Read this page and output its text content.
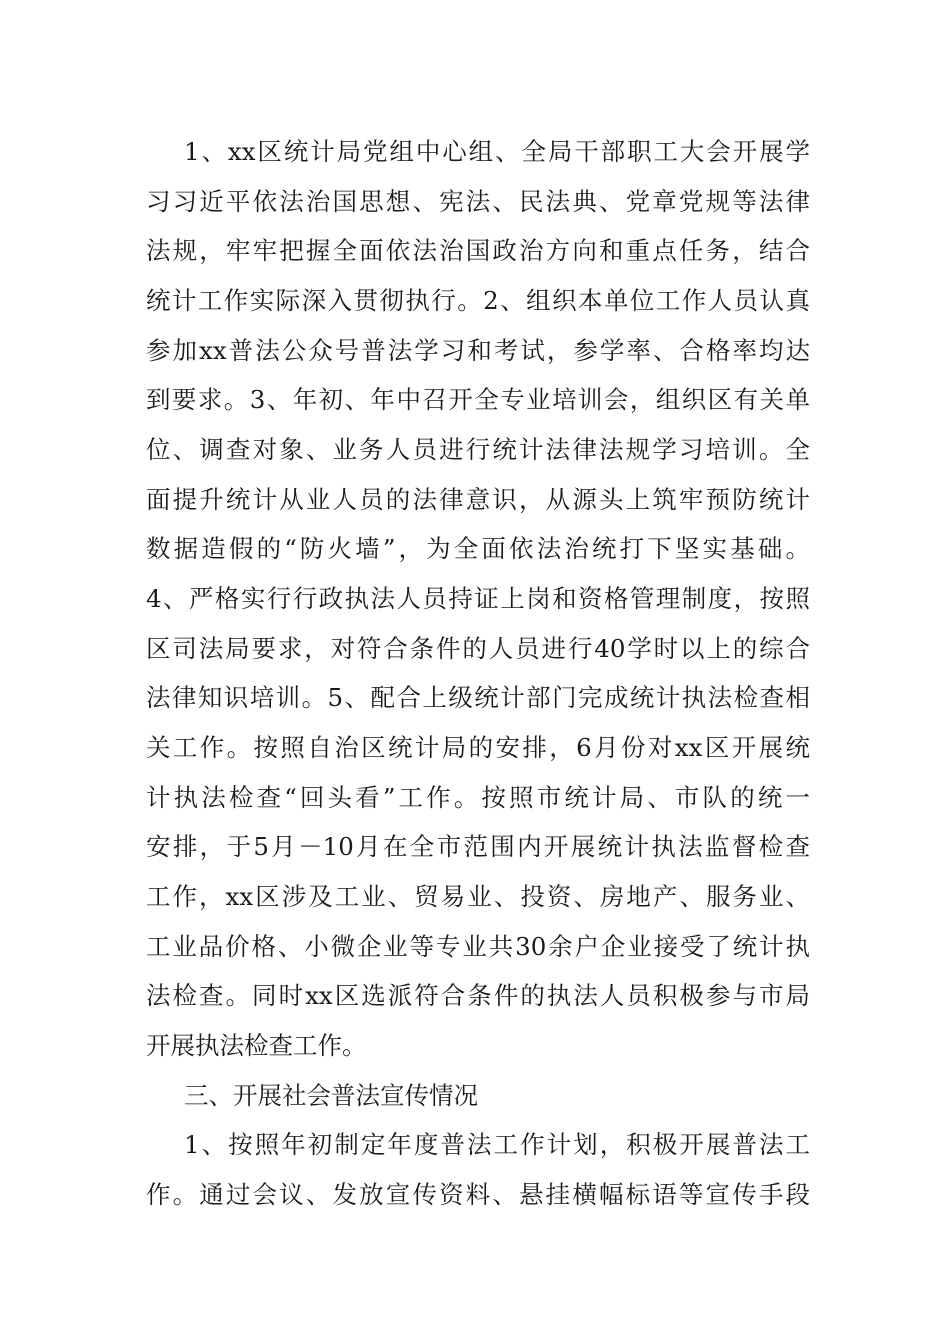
1、xx区统计局党组中心组、全局干部职工大会开展学
习习近平依法治国思想、宪法、民法典、党章党规等法律
法规，牢牢把握全面依法治国政治方向和重点任务，结合
统计工作实际深入贯彻执行。2、组织本单位工作人员认真
参加xx普法公众号普法学习和考试，参学率、合格率均达
到要求。3、年初、年中召开全专业培训会，组织区有关单
位、调查对象、业务人员进行统计法律法规学习培训。全
面提升统计从业人员的法律意识，从源头上筑牢预防统计
数据造假的“防火墙”，为全面依法治统打下坚实基础。
4、严格实行行政执法人员持证上岗和资格管理制度，按照
区司法局要求，对符合条件的人员进行40学时以上的综合
法律知识培训。5、配合上级统计部门完成统计执法检查相
关工作。按照自治区统计局的安排，6月份对xx区开展统
计执法检查“回头看”工作。按照市统计局、市队的统一
安排，于5月－10月在全市范围内开展统计执法监督检查
工作，xx区涉及工业、贸易业、投资、房地产、服务业、
工业品价格、小微企业等专业共30余户企业接受了统计执
法检查。同时xx区选派符合条件的执法人员积极参与市局
开展执法检查工作。
三、开展社会普法宣传情况
1、按照年初制定年度普法工作计划，积极开展普法工
作。通过会议、发放宣传资料、悬挂横幅标语等宣传手段
